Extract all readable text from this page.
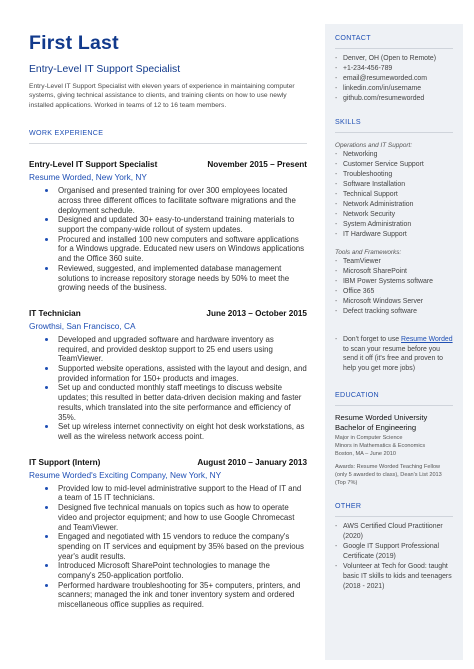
First Last
Entry-Level IT Support Specialist

Entry-Level IT Support Specialist with eleven years of experience in maintaining computer systems, giving technical assistance to clients, and training clients on how to use newly installed applications. Worked in teams of 12 to 16 team members.

WORK EXPERIENCE
Entry-Level IT Support Specialist	November 2015 – Present
Resume Worded, New York, NY
Organised and presented training for over 300 employees located across three different offices to facilitate software migrations and the deployment schedule.
Designed and updated 30+ easy-to-understand training materials to support the company-wide rollout of system updates.
Procured and installed 100 new computers and software applications for a Windows upgrade. Educated new users on Windows applications and the Office 360 suite.
Reviewed, suggested, and implemented database management solutions to increase repository storage needs by 50% to meet the growing needs of the business.
IT Technician	June 2013 – October 2015
Growthsi, San Francisco, CA
Developed and upgraded software and hardware inventory as required, and provided desktop support to 25 end users using TeamViewer.
Supported website operations, assisted with the layout and design, and provided information for 150+ products and images.
Set up and conducted monthly staff meetings to discuss website updates; this resulted in better data-driven decision making and faster results, which translated into the site performance and efficiency of 35%.
Set up wireless internet connectivity on eight hot desk workstations, as well as the wireless network access point.
IT Support (Intern)	August 2010 – January 2013
Resume Worded's Exciting Company, New York, NY
Provided low to mid-level administrative support to the Head of IT and a team of 15 IT technicians.
Designed five technical manuals on topics such as how to operate video and projector equipment; and how to use Google Chromecast and TeamViewer.
Engaged and negotiated with 15 vendors to reduce the company's spending on IT services and equipment by 35% based on the previous year's audit results.
Introduced Microsoft SharePoint technologies to manage the company's 250-application portfolio.
Performed hardware troubleshooting for 35+ computers, printers, and scanners; managed the ink and toner inventory system and ordered miscellaneous office supplies as required.
CONTACT
- Denver, OH (Open to Remote)
- +1-234-456-789
- email@resumeworded.com
- linkedin.com/in/username
- github.com/resumeworded
SKILLS
Operations and IT Support:
- Networking
- Customer Service Support
- Troubleshooting
- Software Installation
- Technical Support
- Network Administration
- Network Security
- System Administration
- IT Hardware Support
Tools and Frameworks:
- TeamViewer
- Microsoft SharePoint
- IBM Power Systems software
- Office 365
- Microsoft Windows Server
- Defect tracking software
- Don't forget to use Resume Worded to scan your resume before you send it off (it's free and proven to help you get more jobs)
EDUCATION
Resume Worded University
Bachelor of Engineering
Major in Computer Science
Minors in Mathematics & Economics
Boston, MA – June 2010
Awards: Resume Worded Teaching Fellow (only 5 awarded to class), Dean's List 2013 (Top 7%)
OTHER
- AWS Certified Cloud Practitioner (2020)
- Google IT Support Professional Certificate (2019)
- Volunteer at Tech for Good: taught basic IT skills to kids and teenagers (2018 - 2021)
